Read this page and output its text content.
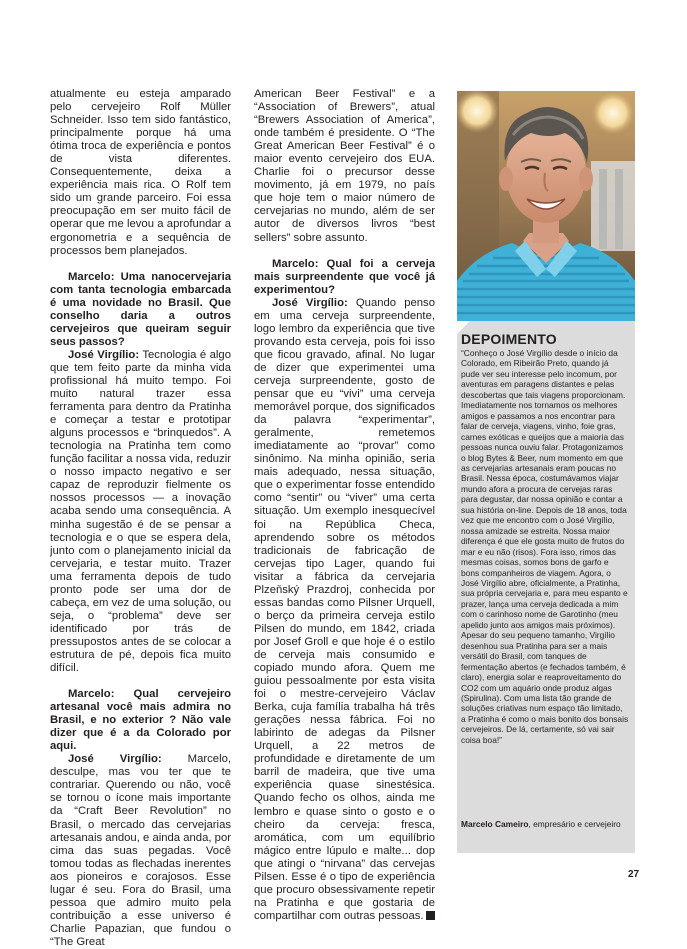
atualmente eu esteja amparado pelo cervejeiro Rolf Müller Schneider. Isso tem sido fantástico, principalmente porque há uma ótima troca de experiência e pontos de vista diferentes. Consequentemente, deixa a experiência mais rica. O Rolf tem sido um grande parceiro. Foi essa preocupação em ser muito fácil de operar que me levou a aprofundar a ergonometria e a sequência de processos bem planejados.

Marcelo: Uma nanocervejaria com tanta tecnologia embarcada é uma novidade no Brasil. Que conselho daria a outros cervejeiros que queiram seguir seus passos?

José Virgílio: Tecnologia é algo que tem feito parte da minha vida profissional há muito tempo. Foi muito natural trazer essa ferramenta para dentro da Pratinha e começar a testar e prototipar alguns processos e “brinquedos”. A tecnologia na Pratinha tem como função facilitar a nossa vida, reduzir o nosso impacto negativo e ser capaz de reproduzir fielmente os nossos processos — a inovação acaba sendo uma consequência. A minha sugestão é de se pensar a tecnologia e o que se espera dela, junto com o planejamento inicial da cervejaria, e testar muito. Trazer uma ferramenta depois de tudo pronto pode ser uma dor de cabeça, em vez de uma solução, ou seja, o “problema” deve ser identificado por trás de pressupostos antes de se colocar a estrutura de pé, depois fica muito difícil.

Marcelo: Qual cervejeiro artesanal você mais admira no Brasil, e no exterior ? Não vale dizer que é a da Colorado por aqui.

José Virgílio: Marcelo, desculpe, mas vou ter que te contrariar. Querendo ou não, você se tornou o ícone mais importante da “Craft Beer Revolution” no Brasil, o mercado das cervejarias artesanais andou, e ainda anda, por cima das suas pegadas. Você tomou todas as flechadas inerentes aos pioneiros e corajosos. Esse lugar é seu. Fora do Brasil, uma pessoa que admiro muito pela contribuição a esse universo é Charlie Papazian, que fundou o “The Great

American Beer Festival” e a “Association of Brewers”, atual “Brewers Association of America”, onde também é presidente. O “The Great American Beer Festival” é o maior evento cervejeiro dos EUA. Charlie foi o precursor desse movimento, já em 1979, no país que hoje tem o maior número de cervejarias no mundo, além de ser autor de diversos livros “best sellers” sobre assunto.

Marcelo: Qual foi a cerveja mais surpreendente que você já experimentou?

José Virgílio: Quando penso em uma cerveja surpreendente, logo lembro da experiência que tive provando esta cerveja, pois foi isso que ficou gravado, afinal. No lugar de dizer que experimentei uma cerveja surpreendente, gosto de pensar que eu “vivi” uma cerveja memorável porque, dos significados da palavra “experimentar”, geralmente, remetemos imediatamente ao “provar” como sinônimo. Na minha opinião, seria mais adequado, nessa situação, que o experimentar fosse entendido como “sentir” ou “viver” uma certa situação. Um exemplo inesquecível foi na República Checa, aprendendo sobre os métodos tradicionais de fabricação de cervejas tipo Lager, quando fui visitar a fábrica da cervejaria Plzeňský Prazdroj, conhecida por essas bandas como Pilsner Urquell, o berço da primeira cerveja estilo Pilsen do mundo, em 1842, criada por Josef Groll e que hoje é o estilo de cerveja mais consumido e copiado mundo afora. Quem me guiou pessoalmente por esta visita foi o mestre-cervejeiro Václav Berka, cuja família trabalha há três gerações nessa fábrica. Foi no labirinto de adegas da Pilsner Urquell, a 22 metros de profundidade e diretamente de um barril de madeira, que tive uma experiência quase sinestésica. Quando fecho os olhos, ainda me lembro e quase sinto o gosto e o cheiro da cerveja: fresca, aromática, com um equilíbrio mágico entre lúpulo e malte... dop que atingi o “nirvana” das cervejas Pilsen. Esse é o tipo de experiência que procuro obsessivamente repetir na Pratinha e que gostaria de compartilhar com outras pessoas.

DEPOIMENTO
“Conheço o José Virgílio desde o início da Colorado, em Ribeirão Preto, quando já pude ver seu interesse pelo incomum, por aventuras em paragens distantes e pelas descobertas que tais viagens proporcionam. Imediatamente nos tornamos os melhores amigos e passamos a nos encontrar para falar de cerveja, viagens, vinho, foie gras, carnes exóticas e queijos que a maioria das pessoas nunca ouviu falar. Protagonizamos o blog Bytes & Beer, num momento em que as cervejarias artesanais eram poucas no Brasil. Nessa época, costumávamos viajar mundo afora a procura de cervejas raras para degustar, dar nossa opinião e contar a sua história on-line. Depois de 18 anos, toda vez que me encontro com o José Virgílio, nossa amizade se estreita. Nossa maior diferença é que ele gosta muito de frutos do mar e eu não (risos). Fora isso, rimos das mesmas coisas, somos bons de garfo e bons companheiros de viagem. Agora, o José Virgílio abre, oficialmente, a Pratinha, sua própria cervejaria e, para meu espanto e prazer, lança uma cerveja dedicada a mim com o carinhoso nome de Garotinho (meu apelido junto aos amigos mais próximos). Apesar do seu pequeno tamanho, Virgílio desenhou sua Pratinha para ser a mais versátil do Brasil, com tanques de fermentação abertos (e fechados também, é claro), energia solar e reaproveitamento do CO2 com um aquário onde produz algas (Spirulina). Com uma lista tão grande de soluções criativas num espaço tão limitado, a Pratinha é como o mais bonito dos bonsais cervejeiros. De lá, certamente, só vai sair coisa boa!”
Marcelo Cameiro, empresário e cervejeiro
27
